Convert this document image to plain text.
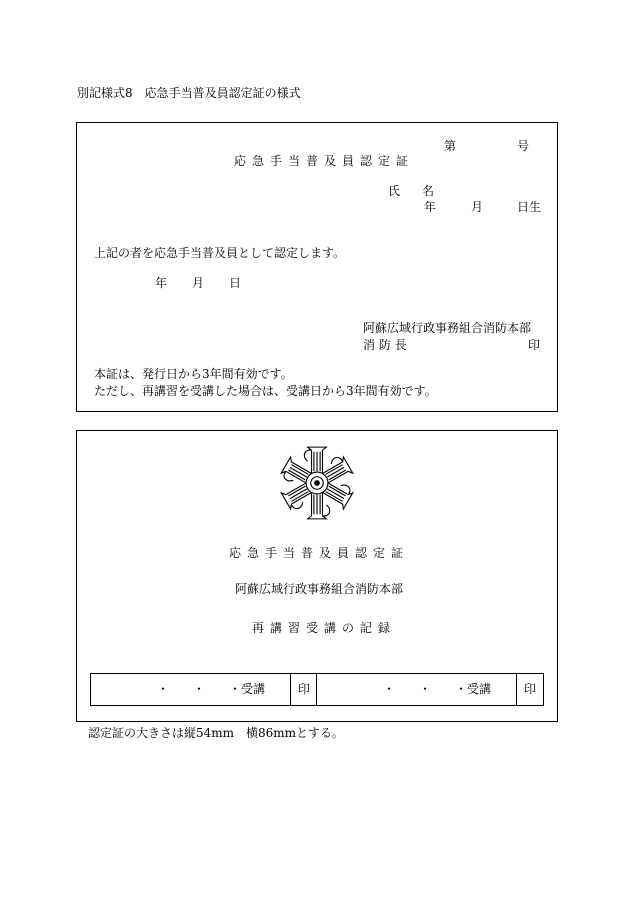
別記様式8　応急手当普及員認定証の様式
第	号
応急手当普及員認定証
氏 名
年	月	日生
上記の者を応急手当普及員として認定します。
年 月 日
阿蘇広域行政事務組合消防本部
消 防 長	印
本証は、発行日から3年間有効です。
ただし、再講習を受講した場合は、受講日から3年間有効です。
応急手当普及員認定証
阿蘇広域行政事務組合消防本部
再講習受講の記録
・　　・　　・受講	印	・　　・　　・受講	印
認定証の大きさは縦54mm　横86mmとする。
